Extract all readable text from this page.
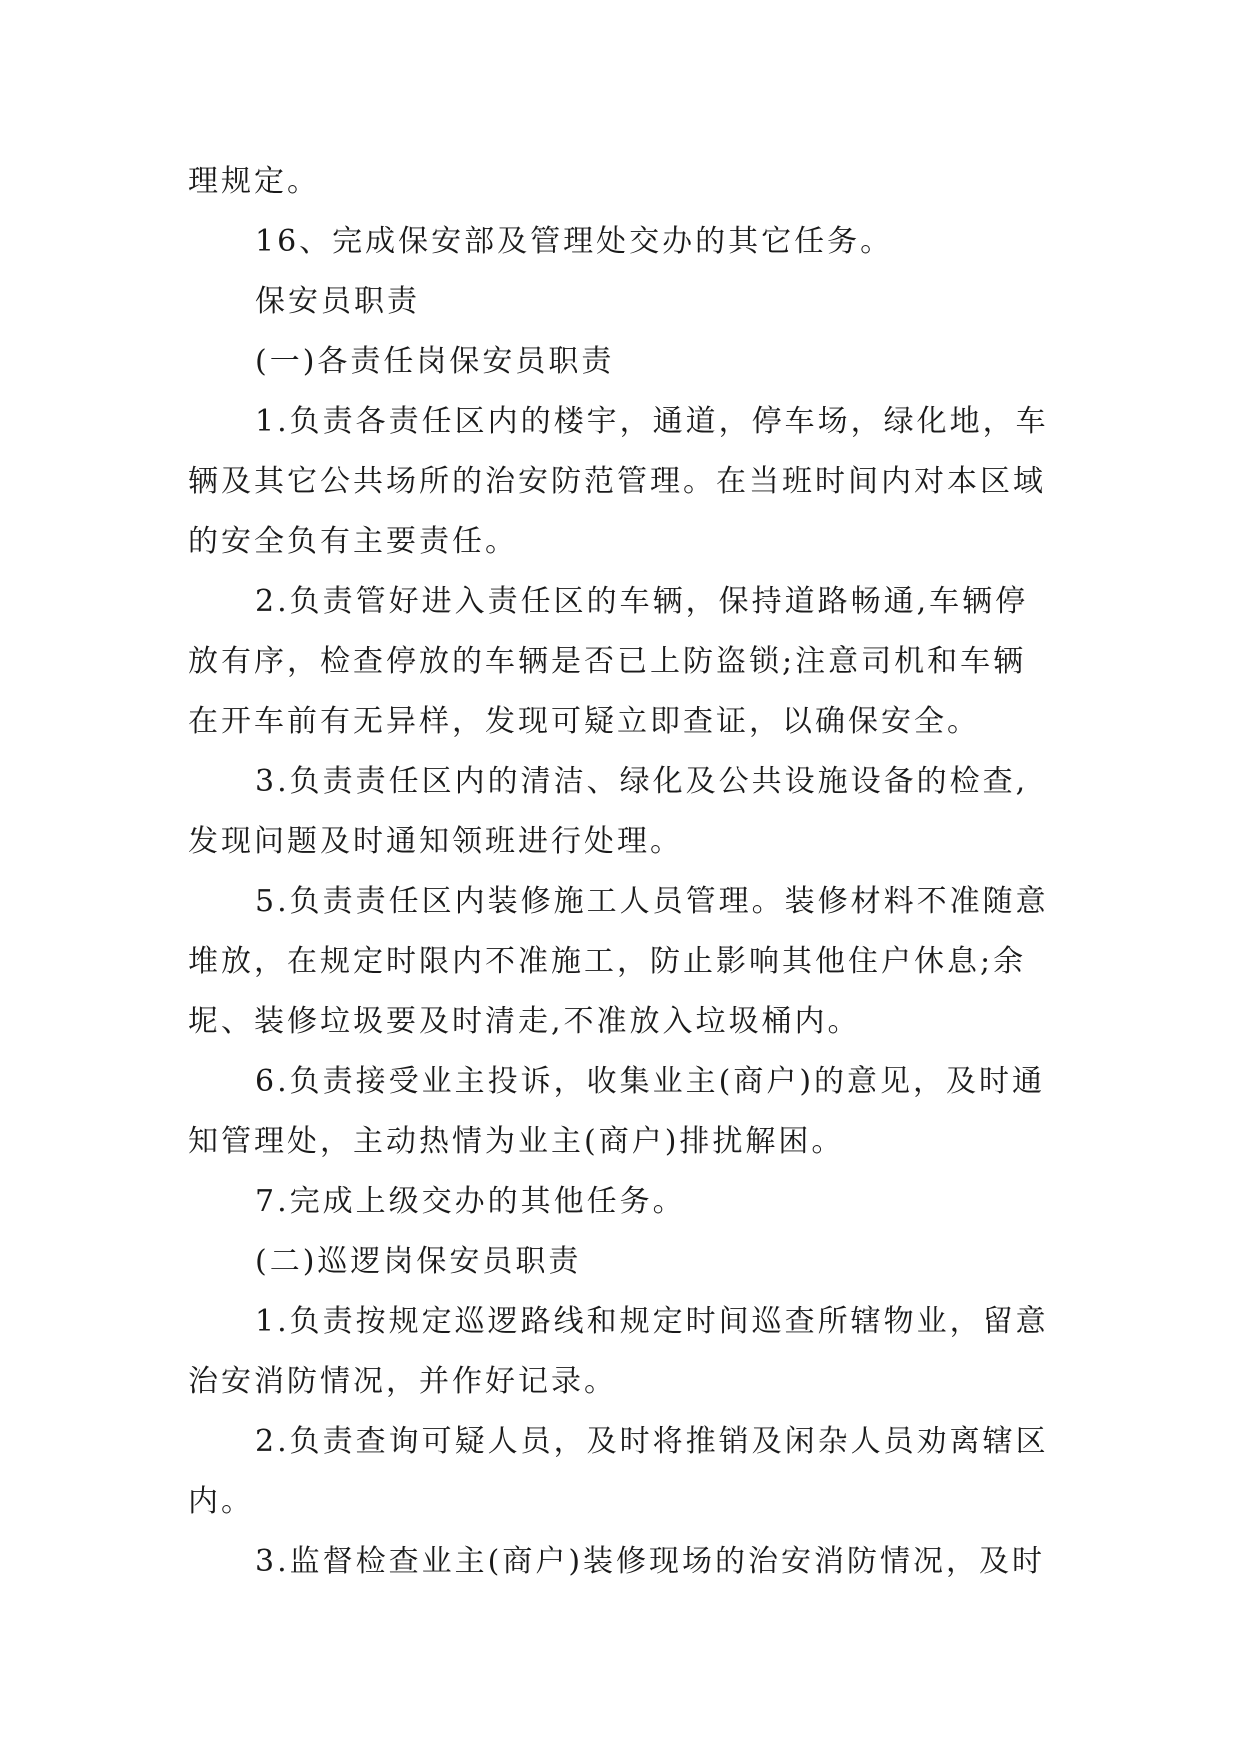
理规定。
16、完成保安部及管理处交办的其它任务。
保安员职责
(一)各责任岗保安员职责
1.负责各责任区内的楼宇，通道，停车场，绿化地，车
辆及其它公共场所的治安防范管理。在当班时间内对本区域
的安全负有主要责任。
2.负责管好进入责任区的车辆，保持道路畅通,车辆停
放有序，检查停放的车辆是否已上防盗锁;注意司机和车辆
在开车前有无异样，发现可疑立即查证，以确保安全。
3.负责责任区内的清洁、绿化及公共设施设备的检查,
发现问题及时通知领班进行处理。
5.负责责任区内装修施工人员管理。装修材料不准随意
堆放，在规定时限内不准施工，防止影响其他住户休息;余
坭、装修垃圾要及时清走,不准放入垃圾桶内。
6.负责接受业主投诉，收集业主(商户)的意见，及时通
知管理处，主动热情为业主(商户)排扰解困。
7.完成上级交办的其他任务。
(二)巡逻岗保安员职责
1.负责按规定巡逻路线和规定时间巡查所辖物业，留意
治安消防情况，并作好记录。
2.负责查询可疑人员，及时将推销及闲杂人员劝离辖区
内。
3.监督检查业主(商户)装修现场的治安消防情况，及时
